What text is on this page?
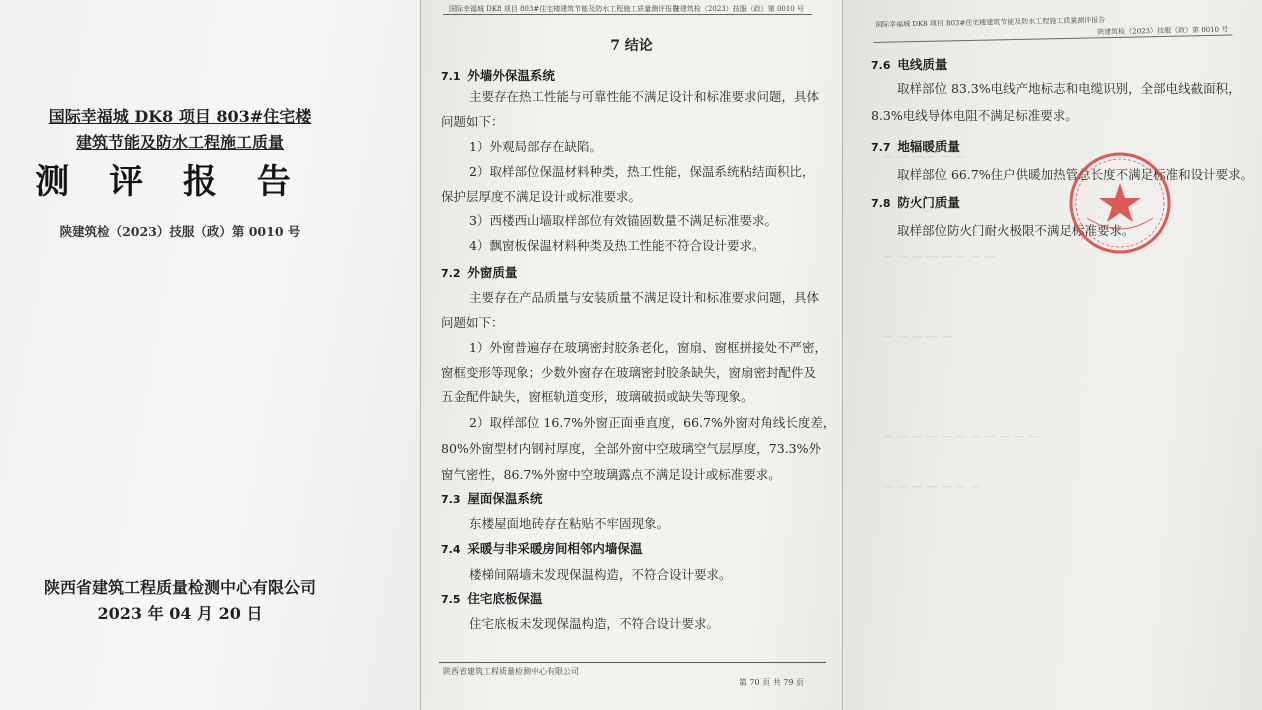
国际幸福城 DK8 项目 803#住宅楼
建筑节能及防水工程施工质量
测 评 报 告
陕建筑检（2023）技服（政）第 0010 号
陕西省建筑工程质量检测中心有限公司
2023 年 04 月 20 日
国际幸福城 DK8 项目 803#住宅楼建筑节能及防水工程施工质量测评报告
陕建筑检（2023）技服（政）第 0010 号
7 结论
7.1 外墙外保温系统
主要存在热工性能与可靠性能不满足设计和标准要求问题，具体
问题如下：
1）外观局部存在缺陷。
2）取样部位保温材料种类，热工性能，保温系统粘结面积比，
保护层厚度不满足设计或标准要求。
3）西楼西山墙取样部位有效锚固数量不满足标准要求。
4）飘窗板保温材料种类及热工性能不符合设计要求。
7.2 外窗质量
主要存在产品质量与安装质量不满足设计和标准要求问题，具体
问题如下：
1）外窗普遍存在玻璃密封胶条老化，窗扇、窗框拼接处不严密，
窗框变形等现象；少数外窗存在玻璃密封胶条缺失，窗扇密封配件及
五金配件缺失，窗框轨道变形，玻璃破损或缺失等现象。
2）取样部位 16.7%外窗正面垂直度，66.7%外窗对角线长度差，
80%外窗型材内钢衬厚度，全部外窗中空玻璃空气层厚度，73.3%外
窗气密性，86.7%外窗中空玻璃露点不满足设计或标准要求。
7.3 屋面保温系统
东楼屋面地砖存在粘贴不牢固现象。
7.4 采暖与非采暖房间相邻内墙保温
楼梯间隔墙未发现保温构造，不符合设计要求。
7.5 住宅底板保温
住宅底板未发现保温构造，不符合设计要求。
陕西省建筑工程质量检测中心有限公司
第 70 页 共 79 页
国际幸福城 DK8 项目 803#住宅楼建筑节能及防水工程施工质量测评报告
陕建筑检（2023）技服（政）第 0010 号
— — — — — —
— — — — — — — —
— — — — —
— — — — — — — — — — —
— — — — — — —
7.6 电线质量
取样部位 83.3%电线产地标志和电缆识别，全部电线截面积，
8.3%电线导体电阻不满足标准要求。
7.7 地辐暖质量
取样部位 66.7%住户供暖加热管总长度不满足标准和设计要求。
7.8 防火门质量
取样部位防火门耐火极限不满足标准要求。
